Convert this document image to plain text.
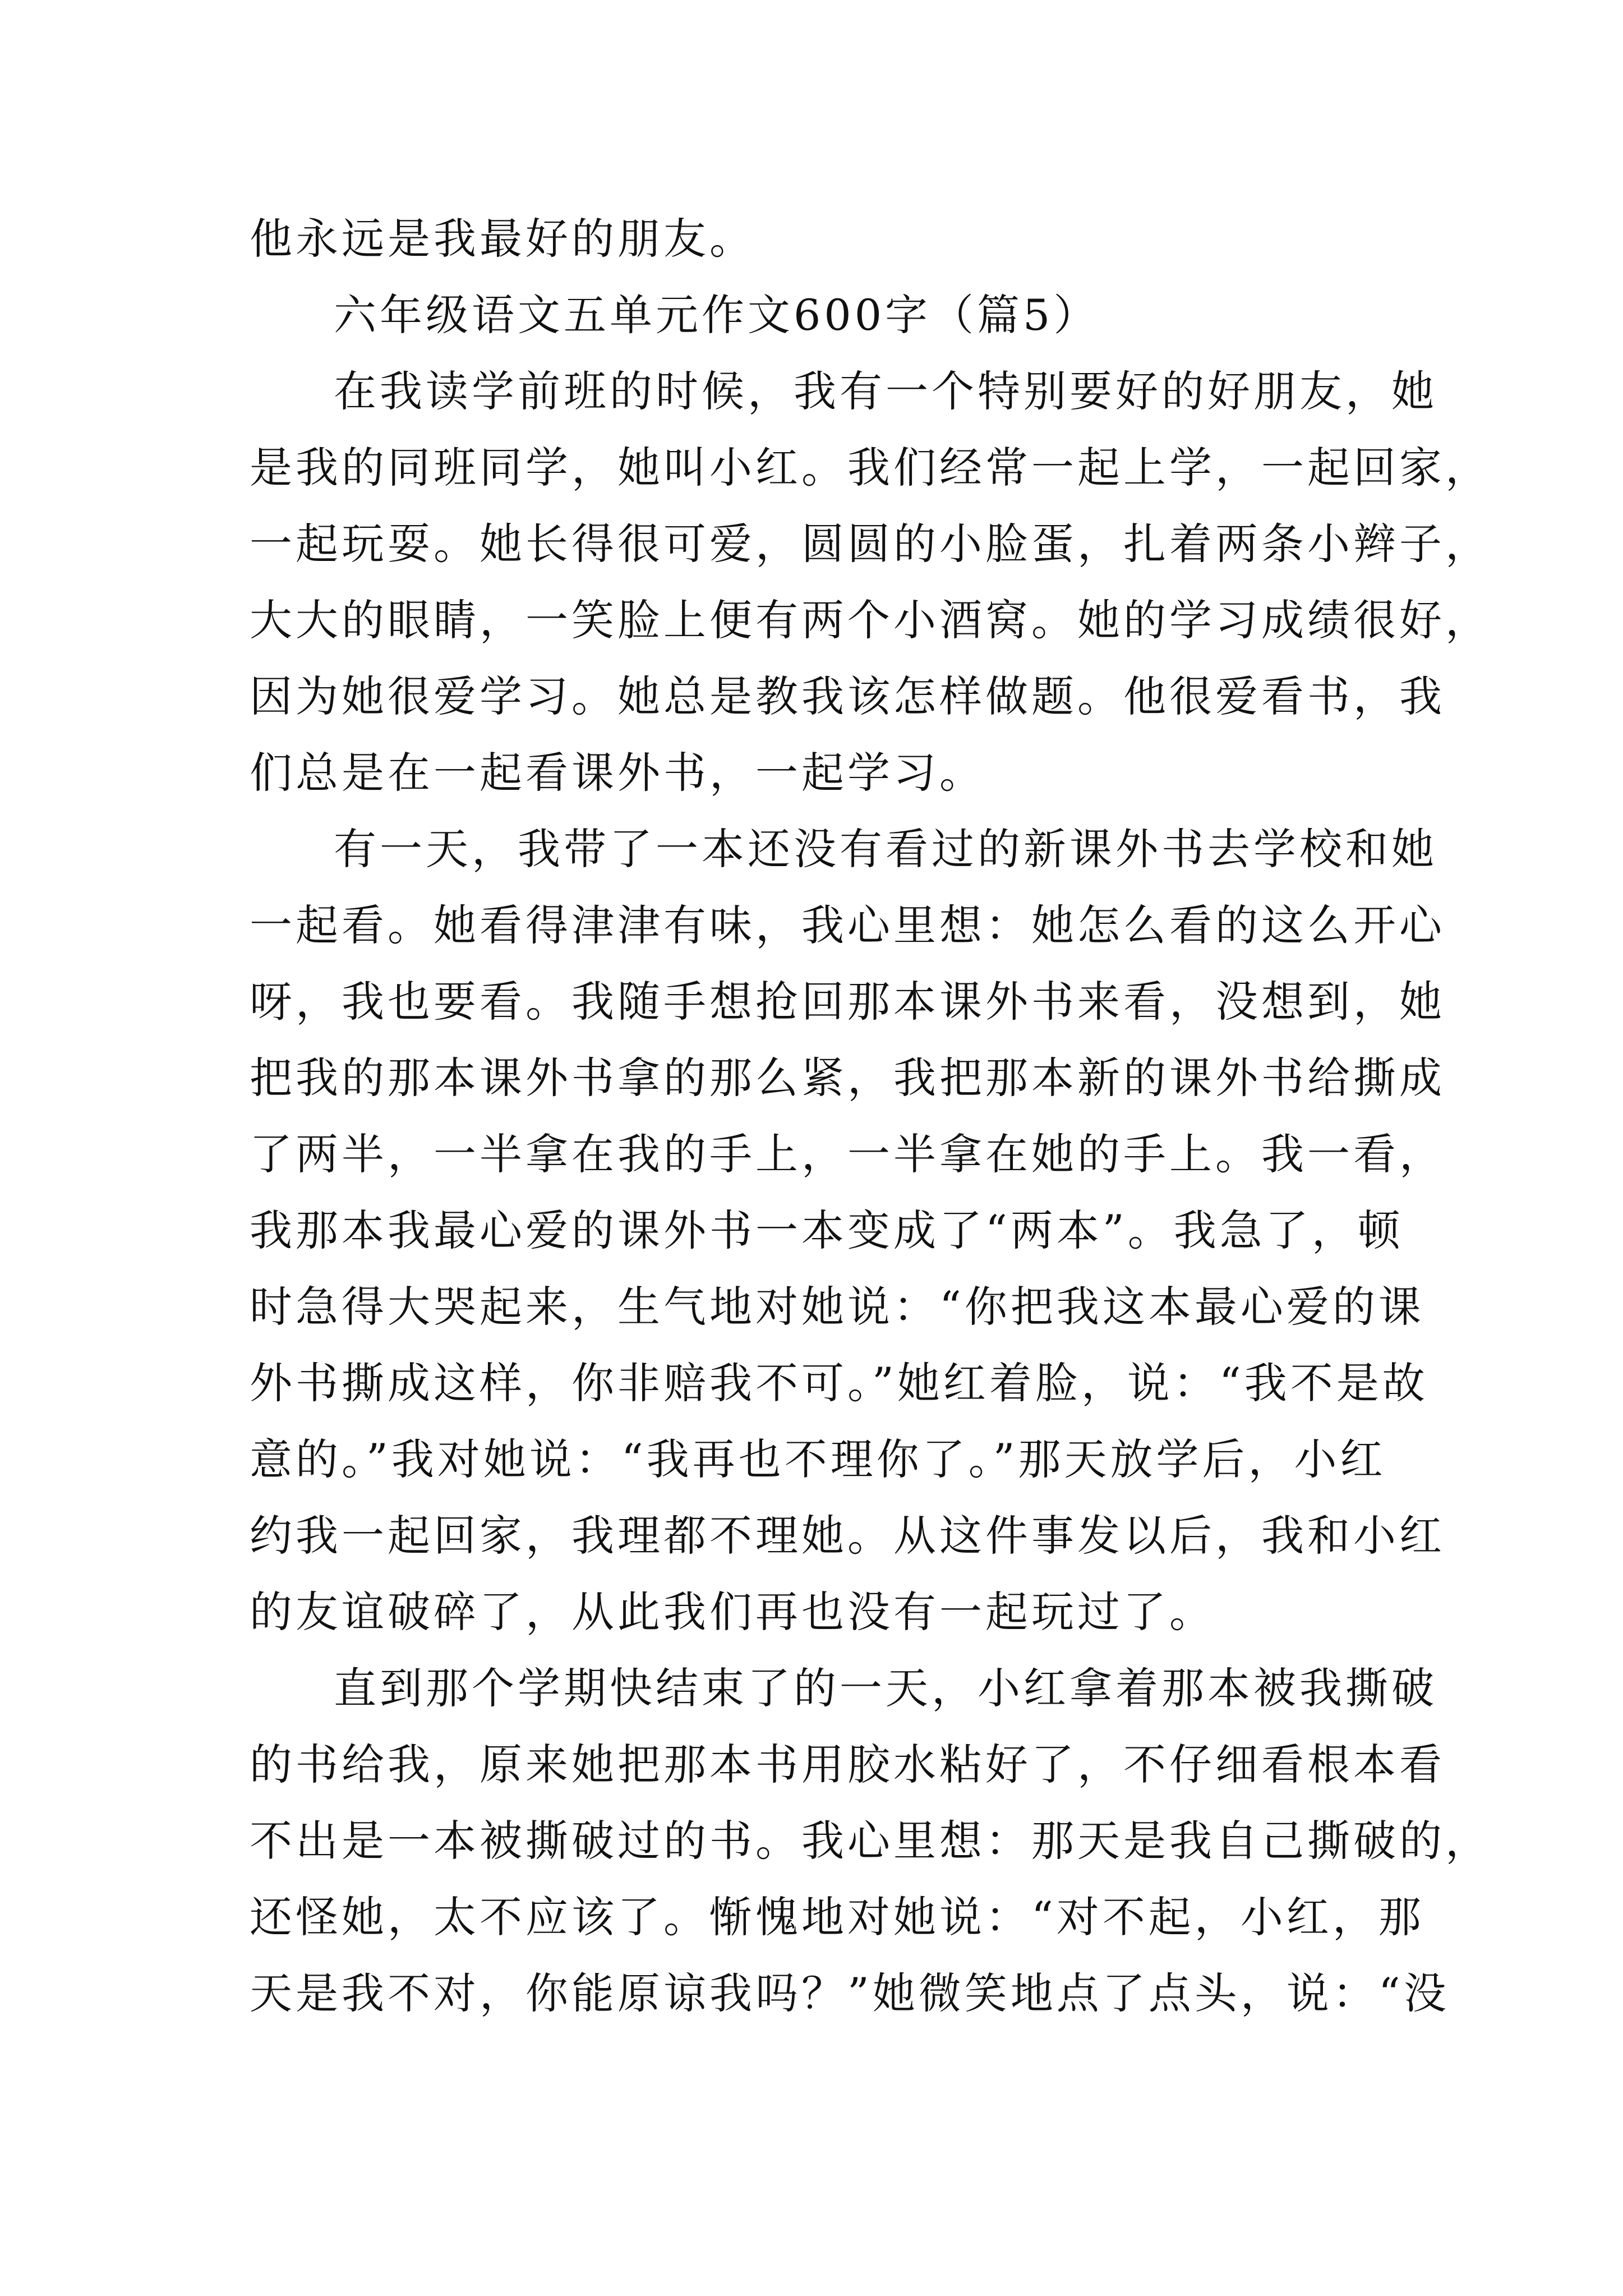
他永远是我最好的朋友。
六年级语文五单元作文600字（篇5）
在我读学前班的时候，我有一个特别要好的好朋友，她
是我的同班同学，她叫小红。我们经常一起上学，一起回家，
一起玩耍。她长得很可爱，圆圆的小脸蛋，扎着两条小辫子，
大大的眼睛，一笑脸上便有两个小酒窝。她的学习成绩很好，
因为她很爱学习。她总是教我该怎样做题。他很爱看书，我
们总是在一起看课外书，一起学习。
有一天，我带了一本还没有看过的新课外书去学校和她
一起看。她看得津津有味，我心里想：她怎么看的这么开心
呀，我也要看。我随手想抢回那本课外书来看，没想到，她
把我的那本课外书拿的那么紧，我把那本新的课外书给撕成
了两半，一半拿在我的手上，一半拿在她的手上。我一看，
我那本我最心爱的课外书一本变成了“两本”。我急了，顿
时急得大哭起来，生气地对她说：“你把我这本最心爱的课
外书撕成这样，你非赔我不可。”她红着脸，说：“我不是故
意的。”我对她说：“我再也不理你了。”那天放学后，小红
约我一起回家，我理都不理她。从这件事发以后，我和小红
的友谊破碎了，从此我们再也没有一起玩过了。
直到那个学期快结束了的一天，小红拿着那本被我撕破
的书给我，原来她把那本书用胶水粘好了，不仔细看根本看
不出是一本被撕破过的书。我心里想：那天是我自己撕破的，
还怪她，太不应该了。惭愧地对她说：“对不起，小红，那
天是我不对，你能原谅我吗？”她微笑地点了点头，说：“没
